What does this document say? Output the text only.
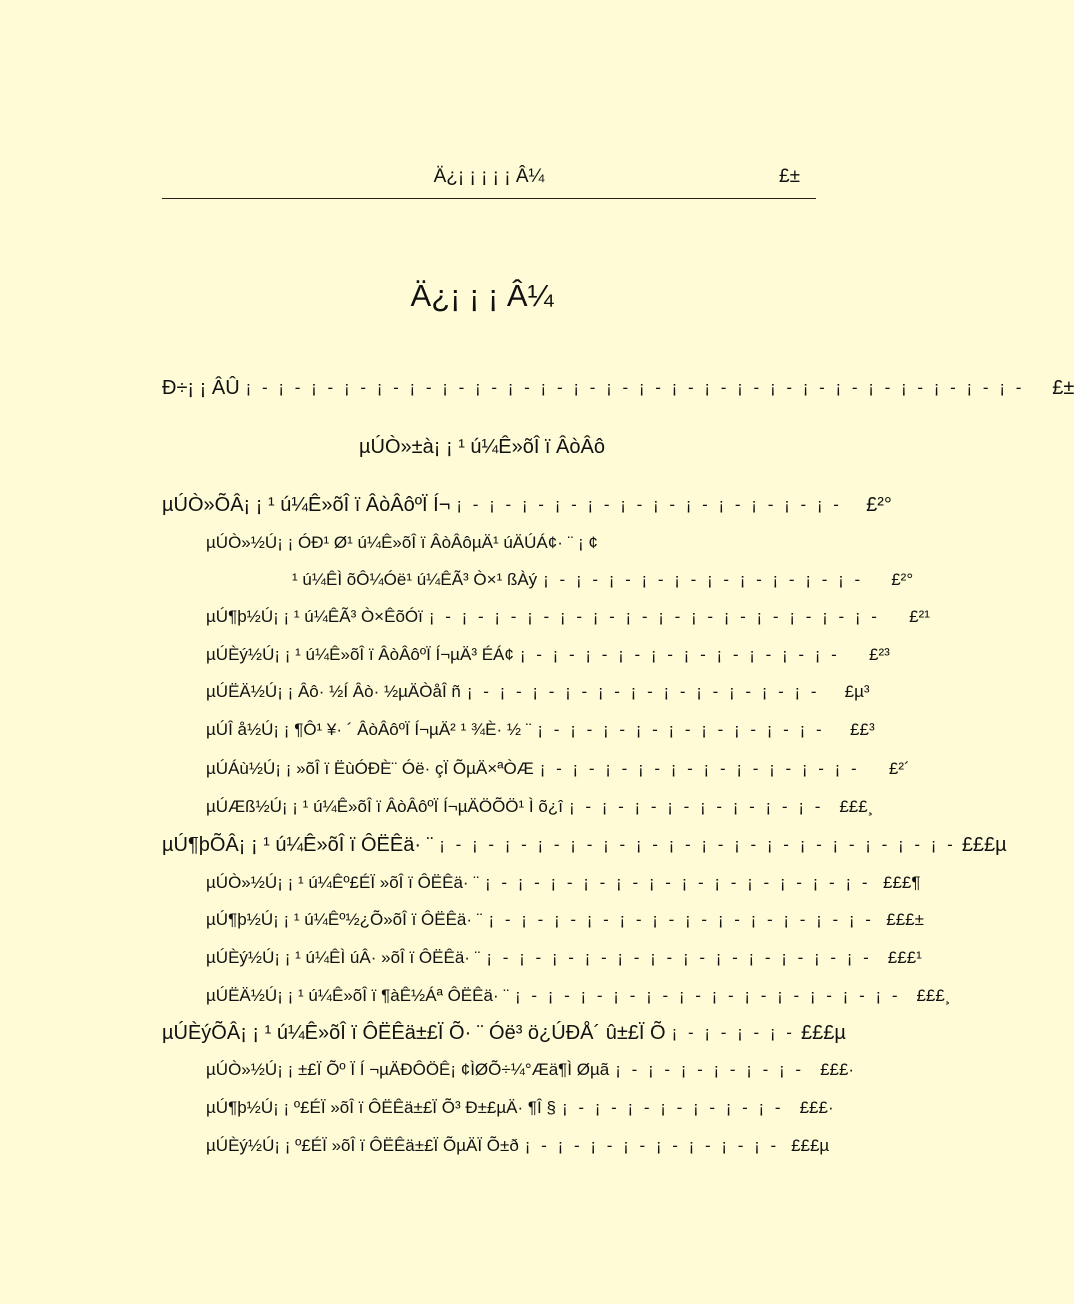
Ä¿¡ ¡ ¡ ¡ ¡ Â¼	£±
Ä¿¡ ¡ ¡ Â¼
Ð÷¡ ¡ ÂÛ ¡ - ¡ - ¡ - ¡ - ¡ - ¡ - ¡ - ¡ - ¡ - ¡ - ¡ - ¡ - ¡ - ¡ - ¡ - ¡ - ¡ - ¡ - ¡ - ¡ - ¡ - ¡ - ¡ - ¡ -	£±
µÚÒ»±à¡ ¡ ¹ ú¼Ê»õÎ ï ÂòÂô
µÚÒ»ÕÂ¡ ¡ ¹ ú¼Ê»õÎ ï ÂòÂôºÏ Í¬ ¡ - ¡ - ¡ - ¡ - ¡ - ¡ - ¡ - ¡ - ¡ - ¡ - ¡ - ¡ -	£²°
µÚÒ»½Ú¡ ¡ ÓÐ¹ Ø¹ ú¼Ê»õÎ ï ÂòÂôµÄ¹ úÄÚÁ¢· ¨ ¡ ¢
¹ ú¼ÊÌ õÔ¼Óë¹ ú¼ÊÃ³ Ò×¹ ßÀý ¡ - ¡ - ¡ - ¡ - ¡ - ¡ - ¡ - ¡ - ¡ - ¡ -	£²°
µÚ¶þ½Ú¡ ¡ ¹ ú¼ÊÃ³ Ò×ÊõÓï ¡ - ¡ - ¡ - ¡ - ¡ - ¡ - ¡ - ¡ - ¡ - ¡ - ¡ - ¡ - ¡ - ¡ -	£²¹
µÚÈý½Ú¡ ¡ ¹ ú¼Ê»õÎ ï ÂòÂôºÏ Í¬µÄ³ ÉÁ¢ ¡ - ¡ - ¡ - ¡ - ¡ - ¡ - ¡ - ¡ - ¡ - ¡ -	£²³
µÚËÄ½Ú¡ ¡ Âô· ½Í Âò· ½µÄÒåÎ ñ ¡ - ¡ - ¡ - ¡ - ¡ - ¡ - ¡ - ¡ - ¡ - ¡ - ¡ -	£µ³
µÚÎ å½Ú¡ ¡ ¶Ô¹ ¥· ´ ÂòÂôºÏ Í¬µÄ² ¹ ¾È· ½ ¨ ¡ - ¡ - ¡ - ¡ - ¡ - ¡ - ¡ - ¡ - ¡ -	££³
µÚÁù½Ú¡ ¡ »õÎ ï ËùÓÐÈ¨ Óë· çÏ ÕµÄ×ªÒÆ ¡ - ¡ - ¡ - ¡ - ¡ - ¡ - ¡ - ¡ - ¡ - ¡ -	£²´
µÚÆß½Ú¡ ¡ ¹ ú¼Ê»õÎ ï ÂòÂôºÏ Í¬µÄÖÕÖ¹ Ì õ¿î ¡ - ¡ - ¡ - ¡ - ¡ - ¡ - ¡ - ¡ - £££¸
µÚ¶þÕÂ¡ ¡ ¹ ú¼Ê»õÎ ï ÔËÊä· ¨ ¡ - ¡ - ¡ - ¡ - ¡ - ¡ - ¡ - ¡ - ¡ - ¡ - ¡ - ¡ - ¡ - ¡ - ¡ - ¡ - £££µ
µÚÒ»½Ú¡ ¡ ¹ ú¼Êº£ÉÏ »õÎ ï ÔËÊä· ¨ ¡ - ¡ - ¡ - ¡ - ¡ - ¡ - ¡ - ¡ - ¡ - ¡ - ¡ - ¡ - £££¶
µÚ¶þ½Ú¡ ¡ ¹ ú¼Êº½¿Õ»õÎ ï ÔËÊä· ¨ ¡ - ¡ - ¡ - ¡ - ¡ - ¡ - ¡ - ¡ - ¡ - ¡ - ¡ - ¡ - £££±
µÚÈý½Ú¡ ¡ ¹ ú¼ÊÌ úÂ· »õÎ ï ÔËÊä· ¨ ¡ - ¡ - ¡ - ¡ - ¡ - ¡ - ¡ - ¡ - ¡ - ¡ - ¡ - ¡ - £££¹
µÚËÄ½Ú¡ ¡ ¹ ú¼Ê»õÎ ï ¶àÊ½Áª ÔËÊä· ¨ ¡ - ¡ - ¡ - ¡ - ¡ - ¡ - ¡ - ¡ - ¡ - ¡ - ¡ - ¡ - £££¸
µÚÈýÕÂ¡ ¡ ¹ ú¼Ê»õÎ ï ÔËÊä±£Ï Õ· ¨ Óë³ ö¿ÚÐÅ´ û±£Ï Õ ¡ - ¡ - ¡ - ¡ - £££µ
µÚÒ»½Ú¡ ¡ ±£Ï Õº Ï Í ¬µÄÐÔÖÊ¡ ¢ÌØÕ÷¼°Æä¶Ì Øµã ¡ - ¡ - ¡ - ¡ - ¡ - ¡ - £££·
µÚ¶þ½Ú¡ ¡ º£ÉÏ »õÎ ï ÔËÊä±£Ï Õ³ Ð±£µÄ· ¶Î § ¡ - ¡ - ¡ - ¡ - ¡ - ¡ - ¡ - £££·
µÚÈý½Ú¡ ¡ º£ÉÏ »õÎ ï ÔËÊä±£Ï ÕµÄÏ Õ±ð ¡ - ¡ - ¡ - ¡ - ¡ - ¡ - ¡ - ¡ - £££µ
